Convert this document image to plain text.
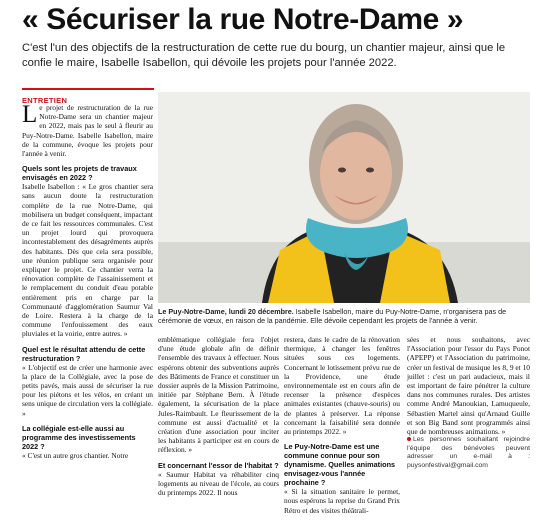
« Sécuriser la rue Notre-Dame »
C'est l'un des objectifs de la restructuration de cette rue du bourg, un chantier majeur, ainsi que le confie le maire, Isabelle Isabellon, qui dévoile les projets pour l'année 2022.
ENTRETIEN

Le projet de restructuration de la rue Notre-Dame sera un chantier majeur en 2022, mais pas le seul à fleurir au Puy-Notre-Dame. Isabelle Isabellon, maire de la commune, évoque les projets pour l'année à venir.

Quels sont les projets de travaux envisagés en 2022 ?

Isabelle Isabellon : « Le gros chantier sera sans aucun doute la restructuration complète de la rue Notre-Dame, qui mobilisera un budget conséquent, impactant de ce fait les ressources communales. C'est un projet lourd qui provoquera incontestablement des désagréments auprès des habitants. Dès que cela sera possible, une réunion publique sera organisée pour expliquer le projet. Ce chantier verra la rénovation complète de l'assainissement et le remplacement du conduit d'eau potable entièrement pris en charge par la Communauté d'agglomération Saumur Val de Loire. Restera à la charge de la commune l'enfouissement des eaux pluviales et la voirie, entre autres. »

Quel est le résultat attendu de cette restructuration ?

« L'objectif est de créer une harmonie avec la place de la Collégiale, avec la pose de petits pavés, mais aussi de sécuriser la rue pour les piétons et les vélos, en créant un sens unique de circulation vers la collégiale. »

La collégiale est-elle aussi au programme des investissements 2022 ?

« C'est un autre gros chantier. Notre

Le Puy-Notre-Dame, lundi 20 décembre. Isabelle Isabellon, maire du Puy-Notre-Dame, n'organisera pas de cérémonie de vœux, en raison de la pandémie. Elle dévoile cependant les projets de l'année à venir.

emblématique collégiale fera l'objet d'une étude globale afin de définir l'ensemble des travaux à effectuer. Nous espérons obtenir des subventions auprès des Bâtiments de France et constituer un dossier auprès de la Mission Patrimoine, initiée par Stéphane Bern. À l'étude également, la sécurisation de la place Jules-Raimbault. Le fleurissement de la commune est aussi d'actualité et la création d'une association pour inciter les habitants à participer est en cours de réflexion. »

Et concernant l'essor de l'habitat ?

« Saumur Habitat va réhabiliter cinq logements au niveau de l'école, au cours du printemps 2022. Il nous

restera, dans le cadre de la rénovation thermique, à changer les fenêtres situées sous ces logements. Concernant le lotissement prévu rue de la Providence, une étude environnementale est en cours afin de recenser la présence d'espèces animales existantes (chauve-souris) ou de plantes à préserver. La réponse concernant la faisabilité sera donnée au printemps 2022. »

Le Puy-Notre-Dame est une commune connue pour son dynamisme. Quelles animations envisagez-vous l'année prochaine ?

« Si la situation sanitaire le permet, nous espérons la reprise du Grand Prix Rétro et des visites théâtrali-

sées et nous souhaitons, avec l'Association pour l'essor du Pays Ponot (APEPP) et l'Association du patrimoine, créer un festival de musique les 8, 9 et 10 juillet : c'est un pari audacieux, mais il est important de faire pénétrer la culture dans nos communes rurales. Des artistes comme André Manoukian, Lamuqueule, Sébastien Martel ainsi qu'Arnaud Guille et son Big Band sont programmés ainsi que de nombreuses animations. »

Les personnes souhaitant rejoindre l'équipe des bénévoles peuvent adresser un e-mail à : puysonfestival@gmail.com
